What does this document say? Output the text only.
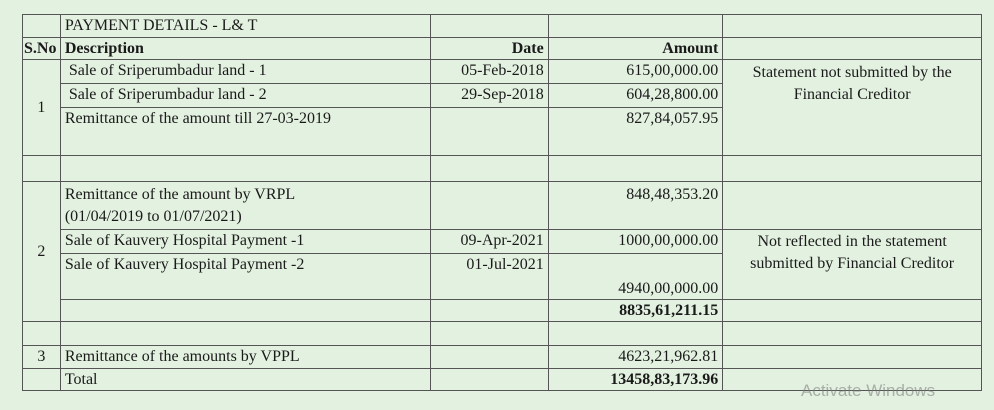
	PAYMENT DETAILS - L& T			
S.No	Description	Date	Amount	
1	Sale of Sriperumbadur land - 1	05-Feb-2018	615,00,000.00	Statement not submitted by the Financial Creditor
	Sale of Sriperumbadur land - 2	29-Sep-2018	604,28,800.00	
	Remittance of the amount till 27-03-2019		827,84,057.95	

2	Remittance of the amount by VRPL (01/04/2019 to 01/07/2021)		848,48,353.20	
	Sale of Kauvery Hospital Payment -1	09-Apr-2021	1000,00,000.00	Not reflected in the statement submitted by Financial Creditor
	Sale of Kauvery Hospital Payment -2	01-Jul-2021	4940,00,000.00	
			8835,61,211.15	

3	Remittance of the amounts by VPPL		4623,21,962.81	
	Total		13458,83,173.96	
Activate Windows
